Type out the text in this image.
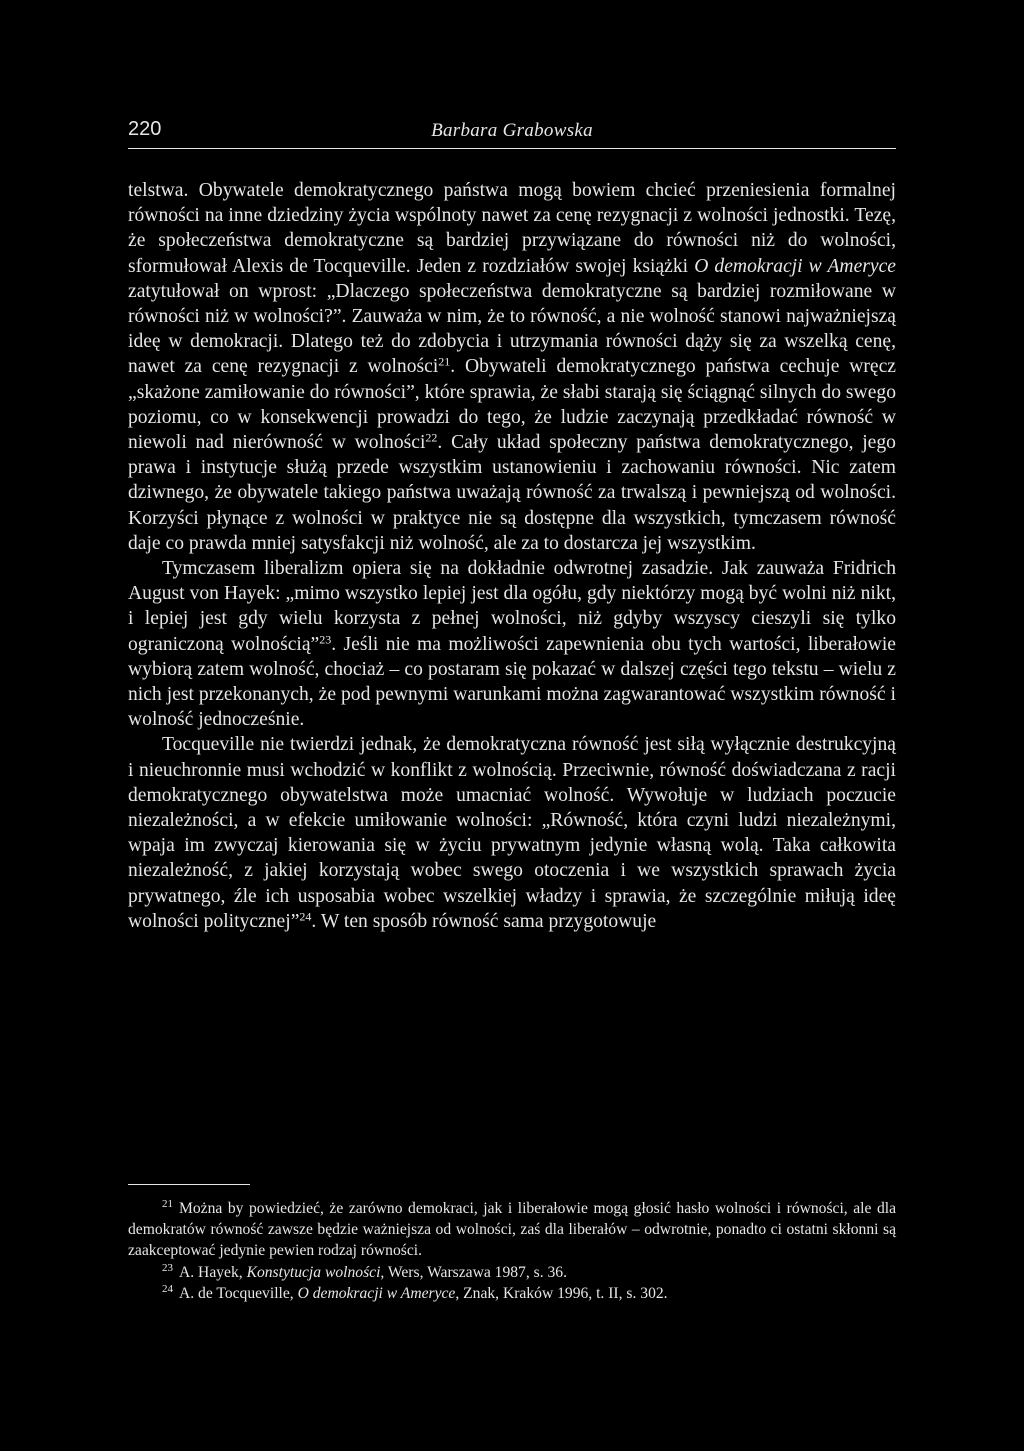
220	Barbara Grabowska

telstwa. Obywatele demokratycznego państwa mogą bowiem chcieć przeniesienia formalnej równości na inne dziedziny życia wspólnoty nawet za cenę rezygnacji z wolności jednostki. Tezę, że społeczeństwa demokratyczne są bardziej przywiązane do równości niż do wolności, sformułował Alexis de Tocqueville. Jeden z rozdziałów swojej książki O demokracji w Ameryce zatytułował on wprost: „Dlaczego społeczeństwa demokratyczne są bardziej rozmiłowane w równości niż w wolności?”. Zauważa w nim, że to równość, a nie wolność stanowi najważniejszą ideę w demokracji. Dlatego też do zdobycia i utrzymania równości dąży się za wszelką cenę, nawet za cenę rezygnacji z wolności$^{21}$. Obywateli demokratycznego państwa cechuje wręcz „skażone zamiłowanie do równości”, które sprawia, że słabi starają się ściągnąć silnych do swego poziomu, co w konsekwencji prowadzi do tego, że ludzie zaczynają przedkładać równość w niewoli nad nierówność w wolności$^{22}$. Cały układ społeczny państwa demokratycznego, jego prawa i instytucje służą przede wszystkim ustanowieniu i zachowaniu równości. Nic zatem dziwnego, że obywatele takiego państwa uważają równość za trwalszą i pewniejszą od wolności. Korzyści płynące z wolności w praktyce nie są dostępne dla wszystkich, tymczasem równość daje co prawda mniej satysfakcji niż wolność, ale za to dostarcza jej wszystkim.

Tymczasem liberalizm opiera się na dokładnie odwrotnej zasadzie. Jak zauważa Fridrich August von Hayek: „mimo wszystko lepiej jest dla ogółu, gdy niektórzy mogą być wolni niż nikt, i lepiej jest gdy wielu korzysta z pełnej wolności, niż gdyby wszyscy cieszyli się tylko ograniczoną wolnością”$^{23}$. Jeśli nie ma możliwości zapewnienia obu tych wartości, liberałowie wybiorą zatem wolność, chociaż – co postaram się pokazać w dalszej części tego tekstu – wielu z nich jest przekonanych, że pod pewnymi warunkami można zagwarantować wszystkim równość i wolność jednocześnie.

Tocqueville nie twierdzi jednak, że demokratyczna równość jest siłą wyłącznie destrukcyjną i nieuchronnie musi wchodzić w konflikt z wolnością. Przeciwnie, równość doświadczana z racji demokratycznego obywatelstwa może umacniać wolność. Wywołuje w ludziach poczucie niezależności, a w efekcie umiłowanie wolności: „Równość, która czyni ludzi niezależnymi, wpaja im zwyczaj kierowania się w życiu prywatnym jedynie własną wolą. Taka całkowita niezależność, z jakiej korzystają wobec swego otoczenia i we wszystkich sprawach życia prywatnego, źle ich usposabia wobec wszelkiej władzy i sprawia, że szczególnie miłują ideę wolności politycznej”$^{24}$. W ten sposób równość sama przygotowuje

$^{21}$ Można by powiedzieć, że zarówno demokraci, jak i liberałowie mogą głosić hasło wolności i równości, ale dla demokratów równość zawsze będzie ważniejsza od wolności, zaś dla liberałów – odwrotnie, ponadto ci ostatni skłonni są zaakceptować jedynie pewien rodzaj równości.

$^{23}$ A. Hayek, Konstytucja wolności, Wers, Warszawa 1987, s. 36.

$^{24}$ A. de Tocqueville, O demokracji w Ameryce, Znak, Kraków 1996, t. II, s. 302.
